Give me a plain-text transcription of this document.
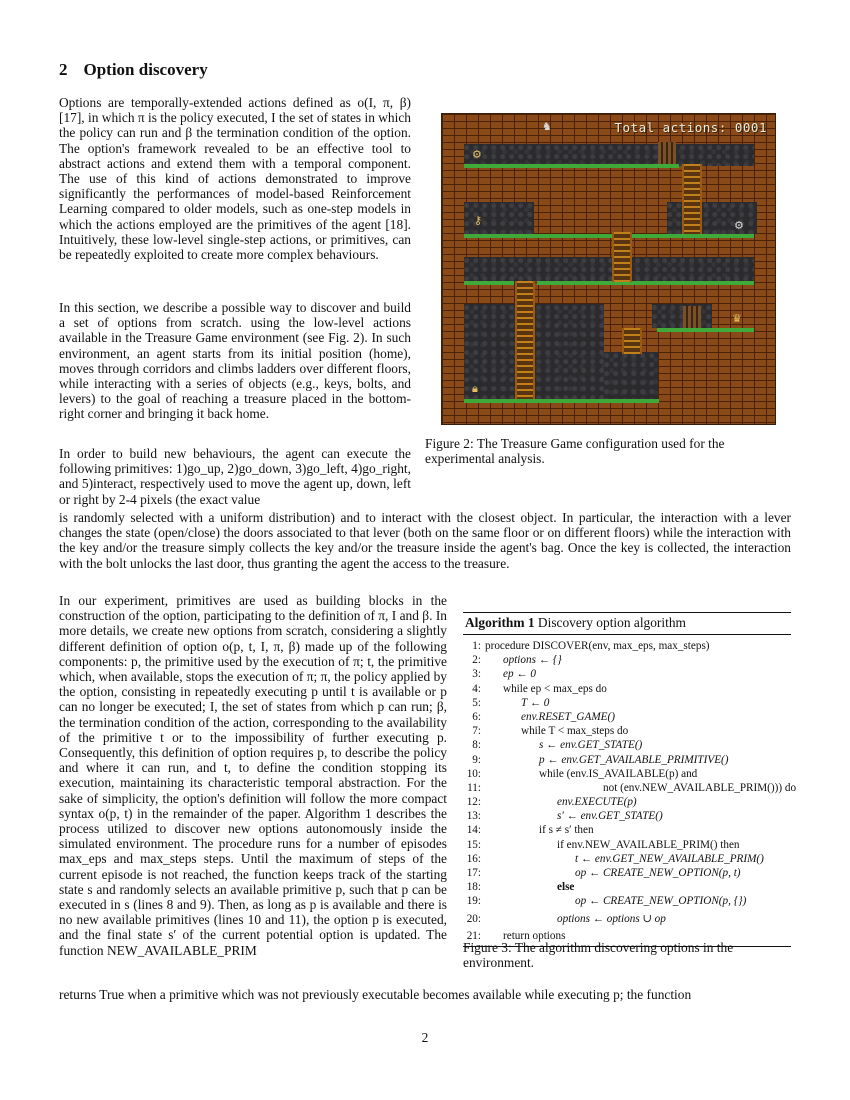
2 Option discovery
Options are temporally-extended actions defined as o(I, π, β) [17], in which π is the policy executed, I the set of states in which the policy can run and β the termination condition of the option. The option's framework revealed to be an effective tool to abstract actions and extend them with a temporal component. The use of this kind of actions demonstrated to improve significantly the performances of model-based Reinforcement Learning compared to older models, such as one-step models in which the actions employed are the primitives of the agent [18]. Intuitively, these low-level single-step actions, or primitives, can be repeatedly exploited to create more complex behaviours.
In this section, we describe a possible way to discover and build a set of options from scratch. using the low-level actions available in the Treasure Game environment (see Fig. 2). In such environment, an agent starts from its initial position (home), moves through corridors and climbs ladders over different floors, while interacting with a series of objects (e.g., keys, bolts, and levers) to the goal of reaching a treasure placed in the bottom-right corner and bringing it back home.
In order to build new behaviours, the agent can execute the following primitives: 1)go_up, 2)go_down, 3)go_left, 4)go_right, and 5)interact, respectively used to move the agent up, down, left or right by 2-4 pixels (the exact value
is randomly selected with a uniform distribution) and to interact with the closest object. In particular, the interaction with a lever changes the state (open/close) the doors associated to that lever (both on the same floor or on different floors) while the interaction with the key and/or the treasure simply collects the key and/or the treasure inside the agent's bag. Once the key is collected, the interaction with the bolt unlocks the last door, thus granting the agent the access to the treasure.
In our experiment, primitives are used as building blocks in the construction of the option, participating to the definition of π, I and β. In more details, we create new options from scratch, considering a slightly different definition of option o(p, t, I, π, β) made up of the following components: p, the primitive used by the execution of π; t, the primitive which, when available, stops the execution of π; π, the policy applied by the option, consisting in repeatedly executing p until t is available or p can no longer be executed; I, the set of states from which p can run; β, the termination condition of the action, corresponding to the availability of the primitive t or to the impossibility of further executing p. Consequently, this definition of option requires p, to describe the policy and where it can run, and t, to define the condition stopping its execution, maintaining its characteristic temporal abstraction. For the sake of simplicity, the option's definition will follow the more compact syntax o(p, t) in the remainder of the paper. Algorithm 1 describes the process utilized to discover new options autonomously inside the simulated environment. The procedure runs for a number of episodes max_eps and max_steps steps. Until the maximum of steps of the current episode is not reached, the function keeps track of the starting state s and randomly selects an available primitive p, such that p can be executed in s (lines 8 and 9). Then, as long as p is available and there is no new available primitives (lines 10 and 11), the option p is executed, and the final state s′ of the current potential option is updated. The function NEW_AVAILABLE_PRIM
returns True when a primitive which was not previously executable becomes available while executing p; the function
♞
⚙
⚷	⚙
♛
🔒︎
Total actions: 0001
Figure 2: The Treasure Game configuration used for the experimental analysis.
Algorithm 1 Discovery option algorithm
1: procedure DISCOVER(env, max_eps, max_steps)
2:	options ← {}
3:	ep ← 0
4:	while ep < max_eps do
5:	T ← 0
6:	env.RESET_GAME()
7:	while T < max_steps do
8:	s ← env.GET_STATE()
9:	p ← env.GET_AVAILABLE_PRIMITIVE()
10:	while (env.IS_AVAILABLE(p) and
11:	not (env.NEW_AVAILABLE_PRIM())) do
12:	env.EXECUTE(p)
13:	s′ ← env.GET_STATE()
14:	if s ≠ s′ then
15:	if env.NEW_AVAILABLE_PRIM() then
16:	t ← env.GET_NEW_AVAILABLE_PRIM()
17:	op ← CREATE_NEW_OPTION(p, t)
18:	else
19:	op ← CREATE_NEW_OPTION(p, {})
20:	options ← options ∪ op
21:	return options
Figure 3: The algorithm discovering options in the environment.
2
